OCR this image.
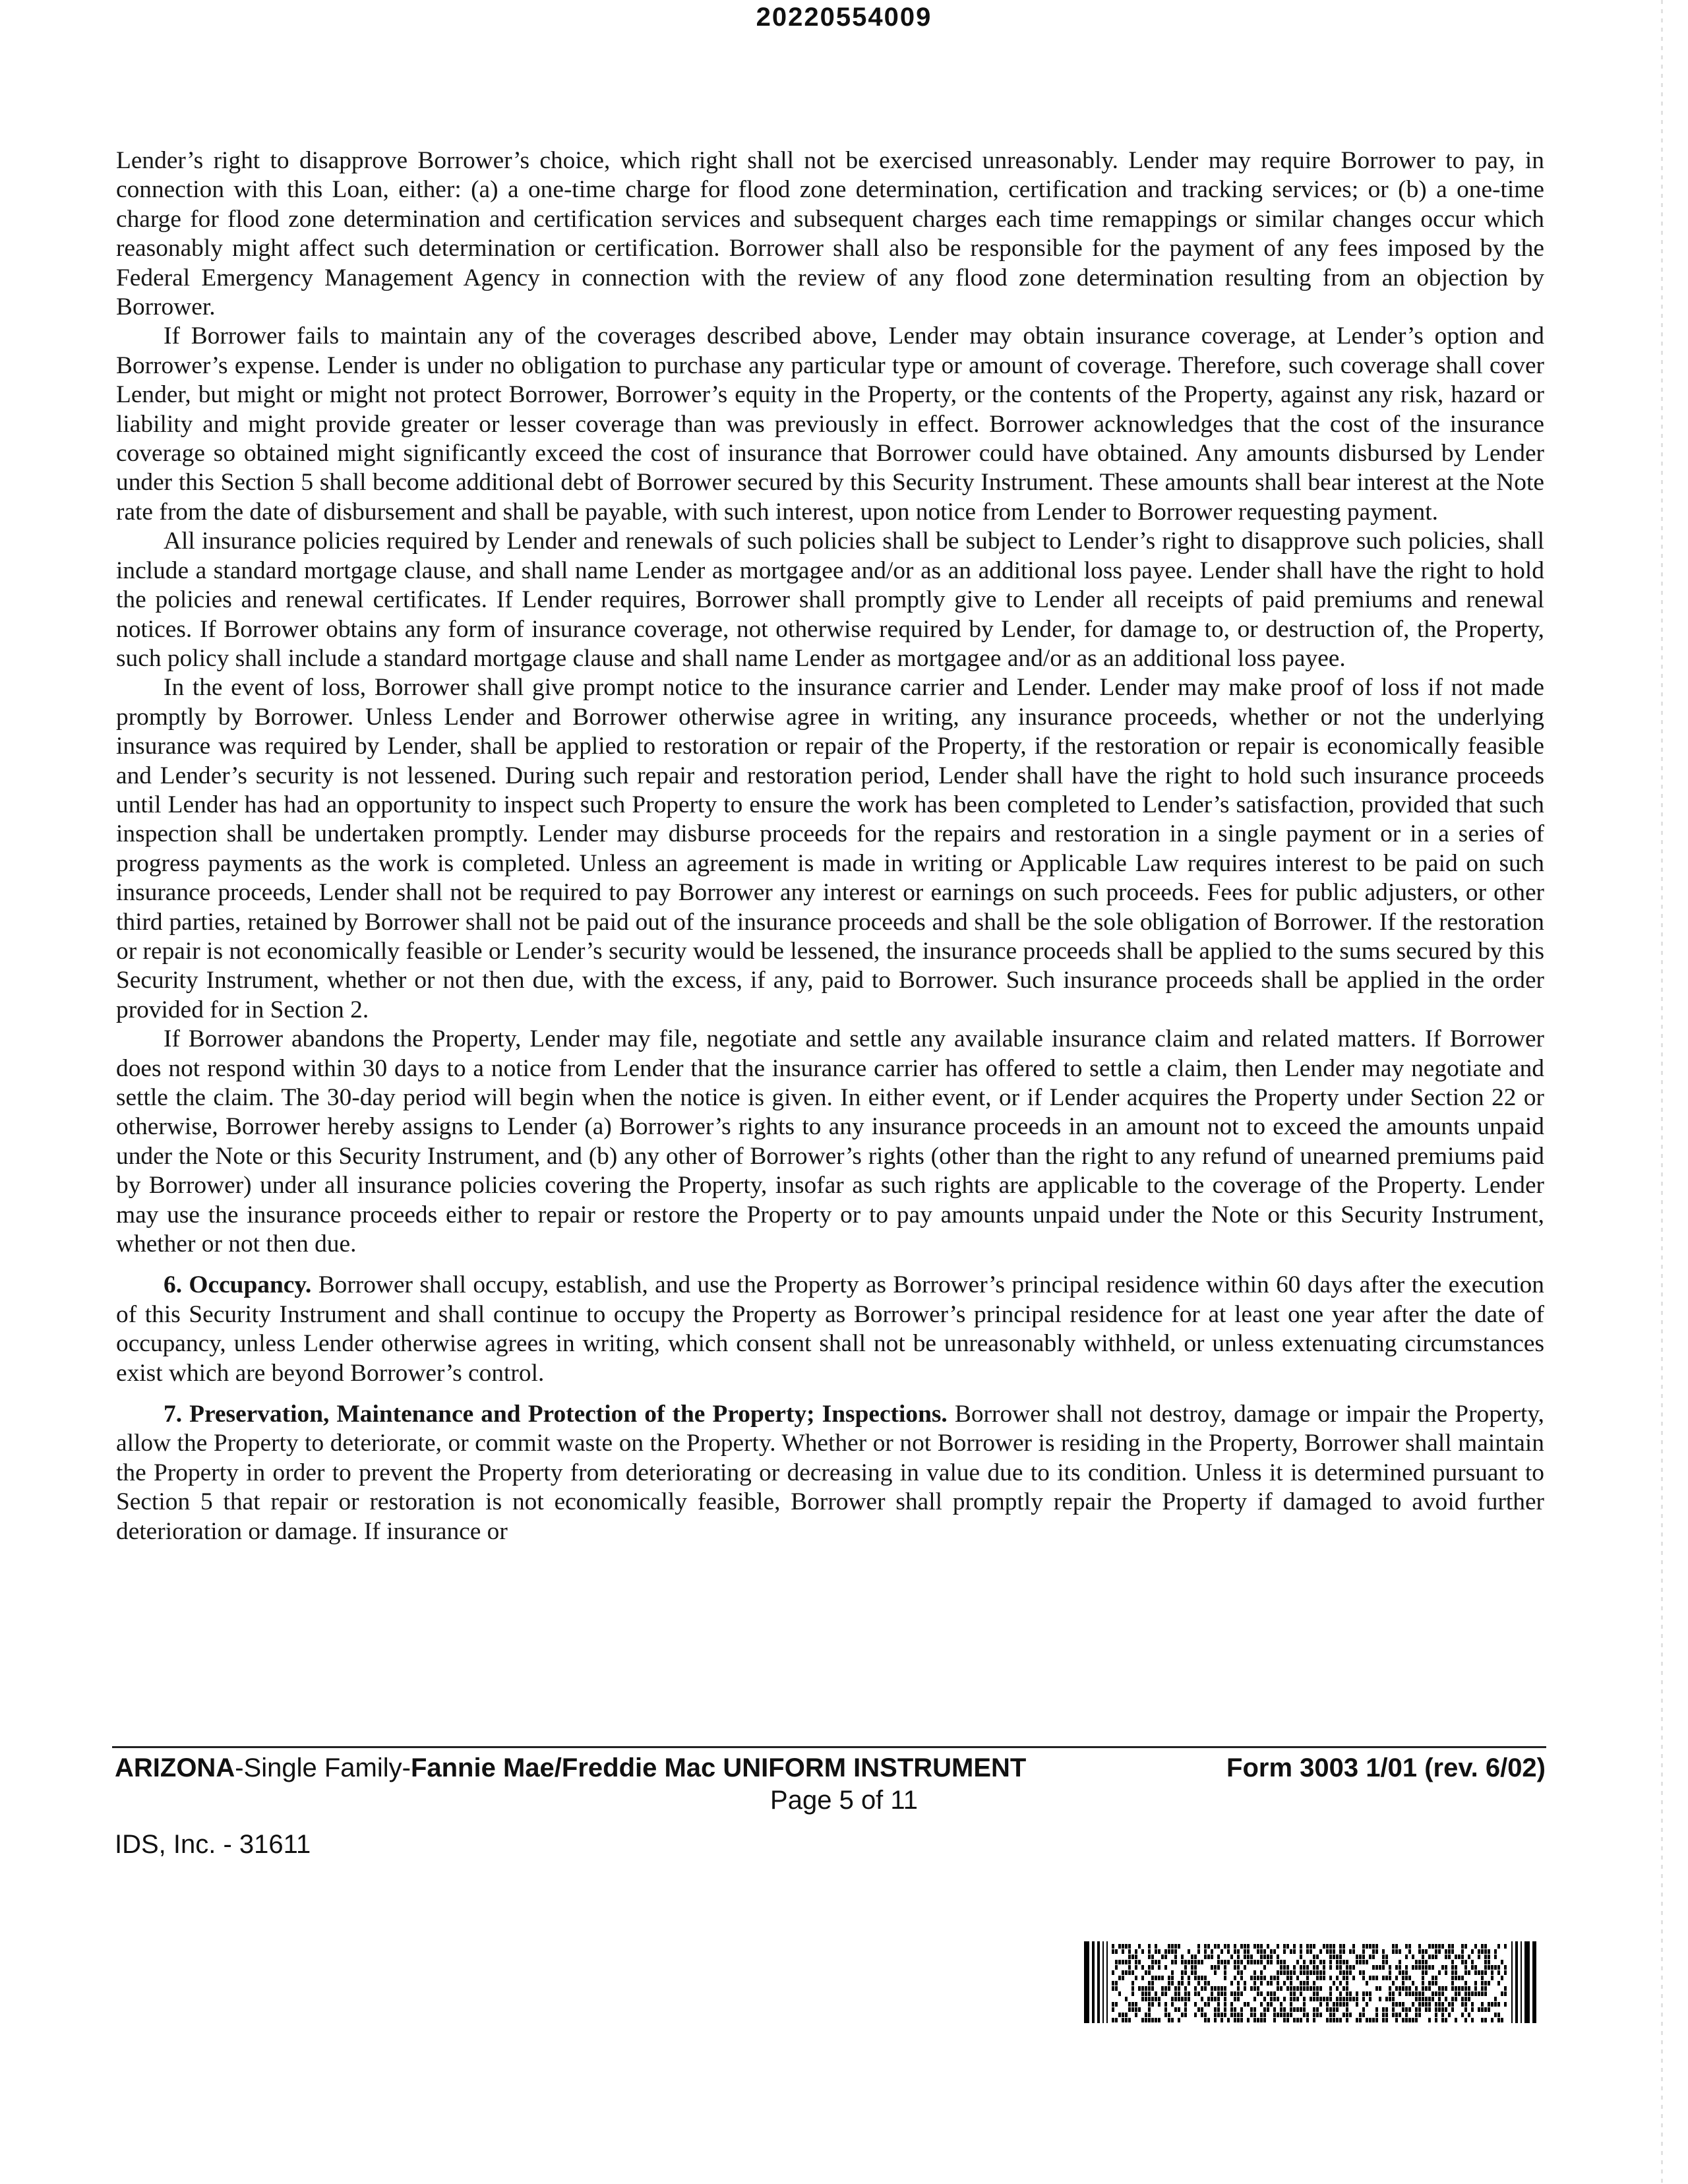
20220554009

Lender’s right to disapprove Borrower’s choice, which right shall not be exercised unreasonably. Lender may require Borrower to pay, in connection with this Loan, either: (a) a one-time charge for flood zone determination, certification and tracking services; or (b) a one-time charge for flood zone determination and certification services and subsequent charges each time remappings or similar changes occur which reasonably might affect such determination or certification. Borrower shall also be responsible for the payment of any fees imposed by the Federal Emergency Management Agency in connection with the review of any flood zone determination resulting from an objection by Borrower.

If Borrower fails to maintain any of the coverages described above, Lender may obtain insurance coverage, at Lender’s option and Borrower’s expense. Lender is under no obligation to purchase any particular type or amount of coverage. Therefore, such coverage shall cover Lender, but might or might not protect Borrower, Borrower’s equity in the Property, or the contents of the Property, against any risk, hazard or liability and might provide greater or lesser coverage than was previously in effect. Borrower acknowledges that the cost of the insurance coverage so obtained might significantly exceed the cost of insurance that Borrower could have obtained. Any amounts disbursed by Lender under this Section 5 shall become additional debt of Borrower secured by this Security Instrument. These amounts shall bear interest at the Note rate from the date of disbursement and shall be payable, with such interest, upon notice from Lender to Borrower requesting payment.

All insurance policies required by Lender and renewals of such policies shall be subject to Lender’s right to disapprove such policies, shall include a standard mortgage clause, and shall name Lender as mortgagee and/or as an additional loss payee. Lender shall have the right to hold the policies and renewal certificates. If Lender requires, Borrower shall promptly give to Lender all receipts of paid premiums and renewal notices. If Borrower obtains any form of insurance coverage, not otherwise required by Lender, for damage to, or destruction of, the Property, such policy shall include a standard mortgage clause and shall name Lender as mortgagee and/or as an additional loss payee.

In the event of loss, Borrower shall give prompt notice to the insurance carrier and Lender. Lender may make proof of loss if not made promptly by Borrower. Unless Lender and Borrower otherwise agree in writing, any insurance proceeds, whether or not the underlying insurance was required by Lender, shall be applied to restoration or repair of the Property, if the restoration or repair is economically feasible and Lender’s security is not lessened. During such repair and restoration period, Lender shall have the right to hold such insurance proceeds until Lender has had an opportunity to inspect such Property to ensure the work has been completed to Lender’s satisfaction, provided that such inspection shall be undertaken promptly. Lender may disburse proceeds for the repairs and restoration in a single payment or in a series of progress payments as the work is completed. Unless an agreement is made in writing or Applicable Law requires interest to be paid on such insurance proceeds, Lender shall not be required to pay Borrower any interest or earnings on such proceeds. Fees for public adjusters, or other third parties, retained by Borrower shall not be paid out of the insurance proceeds and shall be the sole obligation of Borrower. If the restoration or repair is not economically feasible or Lender’s security would be lessened, the insurance proceeds shall be applied to the sums secured by this Security Instrument, whether or not then due, with the excess, if any, paid to Borrower. Such insurance proceeds shall be applied in the order provided for in Section 2.

If Borrower abandons the Property, Lender may file, negotiate and settle any available insurance claim and related matters. If Borrower does not respond within 30 days to a notice from Lender that the insurance carrier has offered to settle a claim, then Lender may negotiate and settle the claim. The 30-day period will begin when the notice is given. In either event, or if Lender acquires the Property under Section 22 or otherwise, Borrower hereby assigns to Lender (a) Borrower’s rights to any insurance proceeds in an amount not to exceed the amounts unpaid under the Note or this Security Instrument, and (b) any other of Borrower’s rights (other than the right to any refund of unearned premiums paid by Borrower) under all insurance policies covering the Property, insofar as such rights are applicable to the coverage of the Property. Lender may use the insurance proceeds either to repair or restore the Property or to pay amounts unpaid under the Note or this Security Instrument, whether or not then due.

6. Occupancy. Borrower shall occupy, establish, and use the Property as Borrower’s principal residence within 60 days after the execution of this Security Instrument and shall continue to occupy the Property as Borrower’s principal residence for at least one year after the date of occupancy, unless Lender otherwise agrees in writing, which consent shall not be unreasonably withheld, or unless extenuating circumstances exist which are beyond Borrower’s control.

7. Preservation, Maintenance and Protection of the Property; Inspections. Borrower shall not destroy, damage or impair the Property, allow the Property to deteriorate, or commit waste on the Property. Whether or not Borrower is residing in the Property, Borrower shall maintain the Property in order to prevent the Property from deteriorating or decreasing in value due to its condition. Unless it is determined pursuant to Section 5 that repair or restoration is not economically feasible, Borrower shall promptly repair the Property if damaged to avoid further deterioration or damage. If insurance or

ARIZONA-Single Family-Fannie Mae/Freddie Mac UNIFORM INSTRUMENT	Form 3003 1/01 (rev. 6/02)
Page 5 of 11
IDS, Inc. - 31611
